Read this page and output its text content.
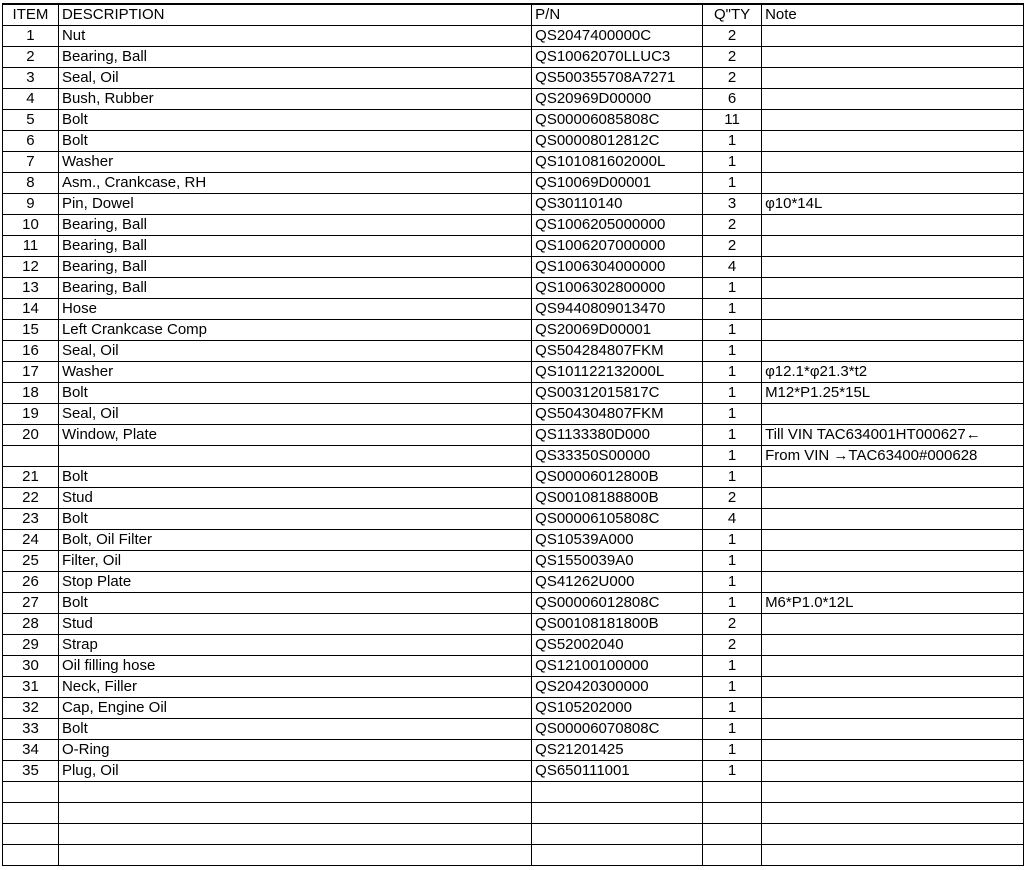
ITEM	DESCRIPTION	P/N	Q"TY	Note
1	Nut	QS2047400000C	2	
2	Bearing, Ball	QS10062070LLUC3	2	
3	Seal, Oil	QS500355708A7271	2	
4	Bush, Rubber	QS20969D00000	6	
5	Bolt	QS00006085808C	11	
6	Bolt	QS00008012812C	1	
7	Washer	QS101081602000L	1	
8	Asm., Crankcase, RH	QS10069D00001	1	
9	Pin, Dowel	QS30110140	3	φ10*14L
10	Bearing, Ball	QS1006205000000	2	
11	Bearing, Ball	QS1006207000000	2	
12	Bearing, Ball	QS1006304000000	4	
13	Bearing, Ball	QS1006302800000	1	
14	Hose	QS9440809013470	1	
15	Left Crankcase Comp	QS20069D00001	1	
16	Seal, Oil	QS504284807FKM	1	
17	Washer	QS101122132000L	1	φ12.1*φ21.3*t2
18	Bolt	QS00312015817C	1	M12*P1.25*15L
19	Seal, Oil	QS504304807FKM	1	
20	Window, Plate	QS1133380D000	1	Till VIN TAC634001HT000627←
		QS33350S00000	1	From VIN →TAC63400#000628
21	Bolt	QS00006012800B	1	
22	Stud	QS00108188800B	2	
23	Bolt	QS00006105808C	4	
24	Bolt, Oil Filter	QS10539A000	1	
25	Filter, Oil	QS1550039A0	1	
26	Stop Plate	QS41262U000	1	
27	Bolt	QS00006012808C	1	M6*P1.0*12L
28	Stud	QS00108181800B	2	
29	Strap	QS52002040	2	
30	Oil filling hose	QS12100100000	1	
31	Neck, Filler	QS20420300000	1	
32	Cap, Engine Oil	QS105202000	1	
33	Bolt	QS00006070808C	1	
34	O-Ring	QS21201425	1	
35	Plug, Oil	QS650111001	1	
